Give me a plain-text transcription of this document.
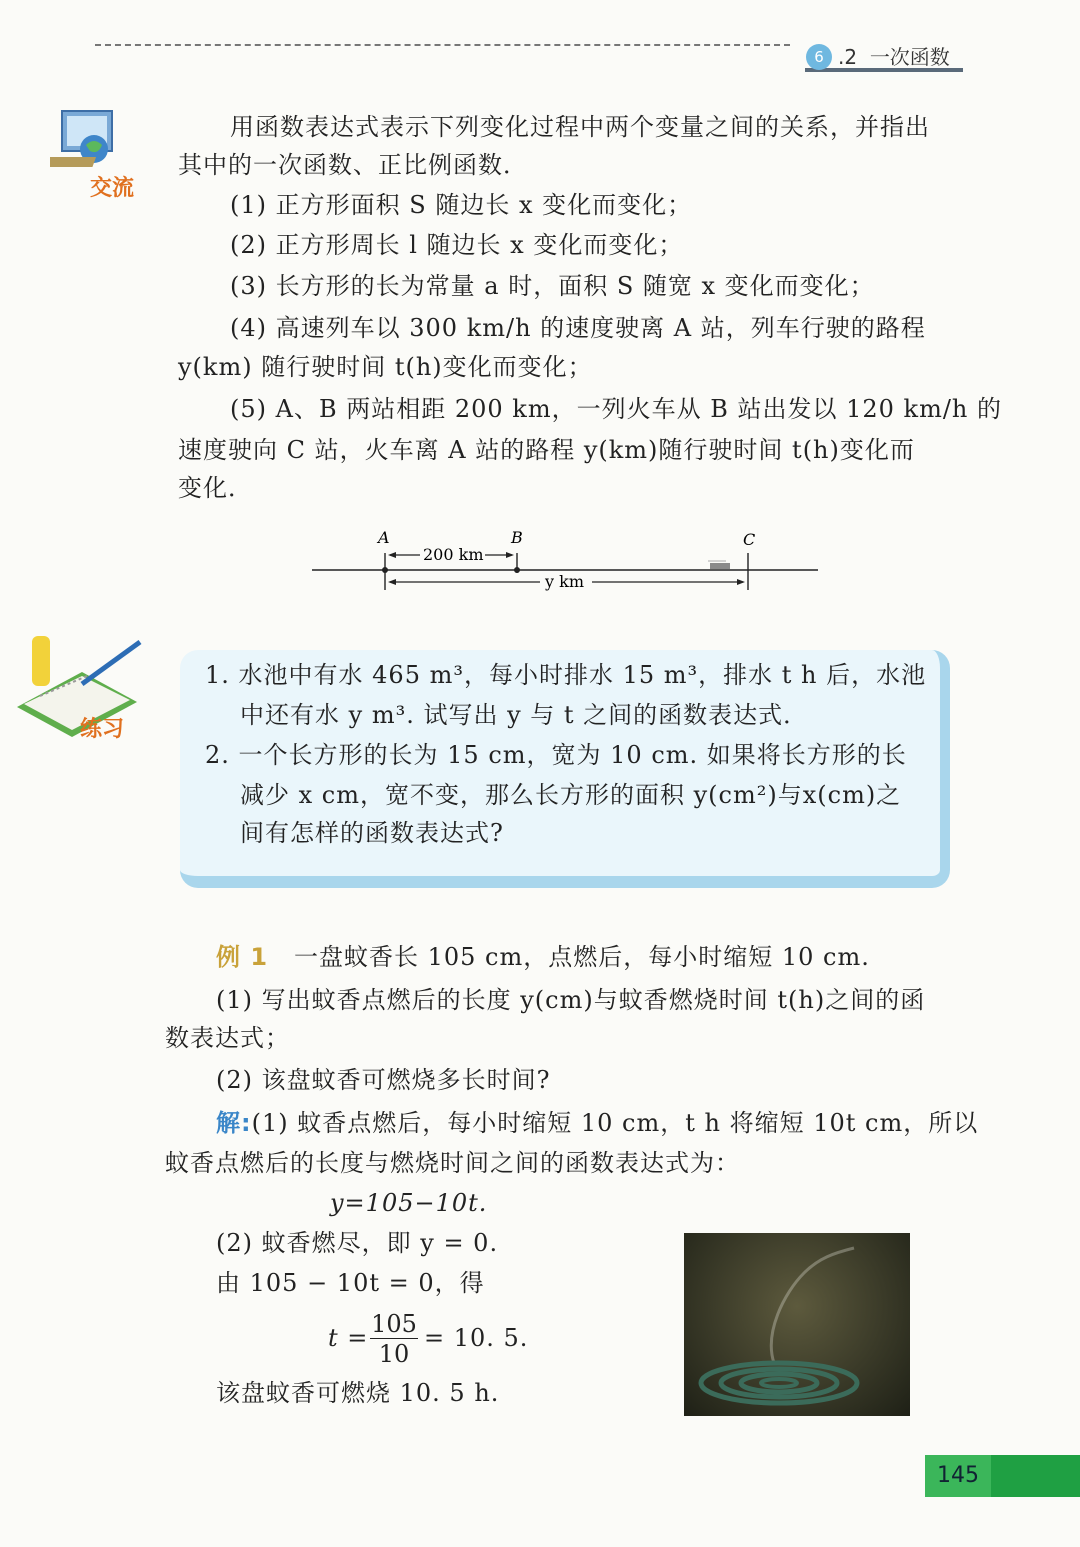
6 .2 一次函数
交流
用函数表达式表示下列变化过程中两个变量之间的关系，并指出
其中的一次函数、正比例函数．
(1) 正方形面积 S 随边长 x 变化而变化；
(2) 正方形周长 l 随边长 x 变化而变化；
(3) 长方形的长为常量 a 时，面积 S 随宽 x 变化而变化；
(4) 高速列车以 300 km/h 的速度驶离 A 站，列车行驶的路程
y(km) 随行驶时间 t(h)变化而变化；
(5) A、B 两站相距 200 km，一列火车从 B 站出发以 120 km/h 的
速度驶向 C 站，火车离 A 站的路程 y(km)随行驶时间 t(h)变化而
变化．
A	B	C
200 km
y km
练习
1. 水池中有水 465 m³，每小时排水 15 m³，排水 t h 后，水池
中还有水 y m³. 试写出 y 与 t 之间的函数表达式．
2. 一个长方形的长为 15 cm，宽为 10 cm. 如果将长方形的长
减少 x cm，宽不变，那么长方形的面积 y(cm²)与x(cm)之
间有怎样的函数表达式?
例 1 一盘蚊香长 105 cm，点燃后，每小时缩短 10 cm.
(1) 写出蚊香点燃后的长度 y(cm)与蚊香燃烧时间 t(h)之间的函
数表达式；
(2) 该盘蚊香可燃烧多长时间?
解:(1) 蚊香点燃后，每小时缩短 10 cm，t h 将缩短 10t cm，所以
蚊香点燃后的长度与燃烧时间之间的函数表达式为：
y=105−10t.
(2) 蚊香燃尽，即 y = 0.
由 105 − 10t = 0，得
$t = \frac{105}{10} = 10$. 5.
该盘蚊香可燃烧 10. 5 h.
145
